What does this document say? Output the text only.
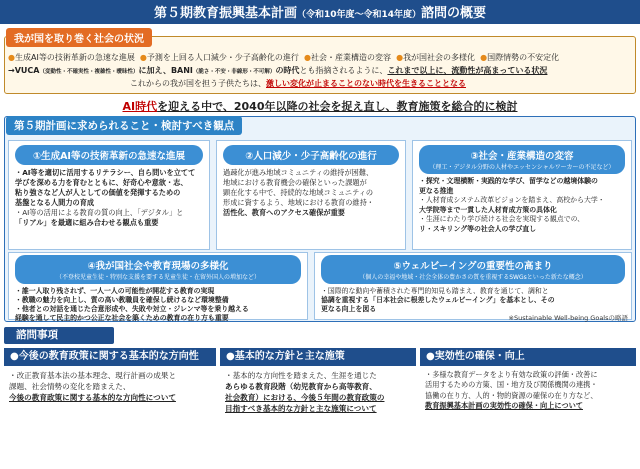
第５期教育振興基本計画（令和10年度～令和14年度）諮問の概要
我が国を取り巻く社会の状況
●生成AI等の技術革新の急速な進展 ●予測を上回る人口減少・少子高齢化の進行 ●社会・産業構造の変容 ●我が国社会の多様化 ●国際情勢の不安定化
→VUCA（変動性・不確実性・複雑性・曖昧性）に加え、BANI（脆さ・不安・非線形・不可解）の時代とも指摘されるように、これまで以上に、流動性が高まっている状況
これからの我が国を担う子供たちは、激しい変化が止まることのない時代を生きることとなる
AI時代を迎える中で、2040年以降の社会を捉え直し、教育施策を総合的に検討
第５期計画に求められること・検討すべき観点
①生成AI等の技術革新の急速な進展

・AI等を適切に活用するリテラシー、自ら問いを立てて

学びを深める力を育むとともに、好奇心や意欲・志、

粘り強さなど人が人としての価値を発揮するための

基盤となる人間力の育成

・AI等の活用による教育の質の向上、「デジタル」と

「リアル」を最適に組み合わせる観点も重要

②人口減少・少子高齢化の進行

過疎化が進み地域コミュニティの維持が困難、

地域における教育機会の確保といった課題が

顕在化する中で、持続的な地域コミュニティの

形成に資するよう、地域における教育の維持・

活性化、教育へのアクセス確保が重要

③社会・産業構造の変容
（理工・デジタル分野の人材やエッセンシャルワーカーの不足など）

・探究・文理横断・実践的な学び、留学などの越境体験の

更なる推進

・人材育成システム改革ビジョンを踏まえ、高校から大学・

大学院等まで一貫した人材育成方策の具体化

・生涯にわたり学び続ける社会を実現する観点での、

リ・スキリング等の社会人の学び直し

④我が国社会や教育現場の多様化
（不登校児童生徒・特別な支援を要する児童生徒・在留外国人の増加など）

・誰一人取り残されず、一人一人の可能性が開花する教育の実現

・教職の魅力を向上し、質の高い教職員を確保し続けるなど環境整備

・他者との対話を通じた合意形成や、失敗や対立・ジレンマ等を乗り越える

経験を通して民主的かつ公正な社会を築くための教育の在り方も重要

⑤ウェルビーイングの重要性の高まり
（個人の幸福や地域・社会全体の豊かさの質を重視するSWGsといった新たな概念）

・国際的な動向や蓄積された専門的知見も踏まえ、教育を通じて、調和と

協調を重視する「日本社会に根差したウェルビーイング」を基本とし、その

更なる向上を図る

※Sustainable Well-being Goalsの略語
諮問事項
●今後の教育政策に関する基本的な方向性

・改正教育基本法の基本理念、現行計画の成果と

課題、社会情勢の変化を踏まえた、

今後の教育政策に関する基本的な方向性について

●基本的な方針と主な施策

・基本的な方向性を踏まえた、生涯を通じた

あらゆる教育段階（幼児教育から高等教育、

社会教育）における、今後５年間の教育政策の

目指すべき基本的な方針と主な施策について

●実効性の確保・向上

・多様な教育データをより有効な政策の評価・改善に

活用するための方策、国・地方及び関係機関の連携・

協働の在り方、人的・物的資源の確保の在り方など、

教育振興基本計画の実効性の確保・向上について
